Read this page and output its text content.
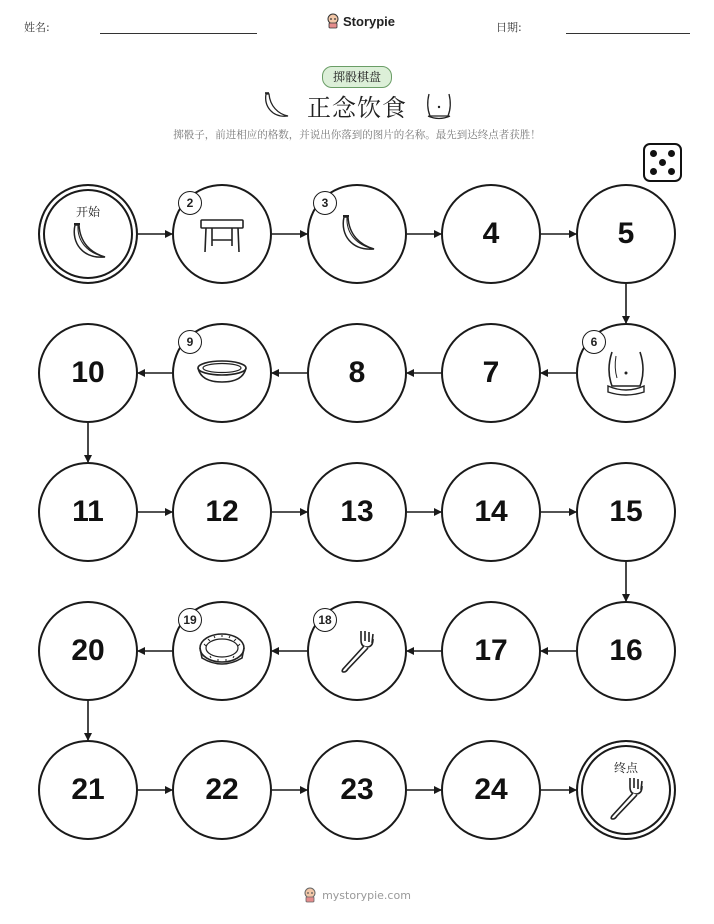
姓名:	Storypie	日期:
掷骰棋盘
正念饮食
掷骰子，前进相应的格数，并说出你落到的图片的名称。最先到达终点者获胜！
开始
2	3
4	5
6
7
8
9
10
11	12	13	14	15
16
17
18
19
20
21	22	23	24
终点
mystorypie.com
